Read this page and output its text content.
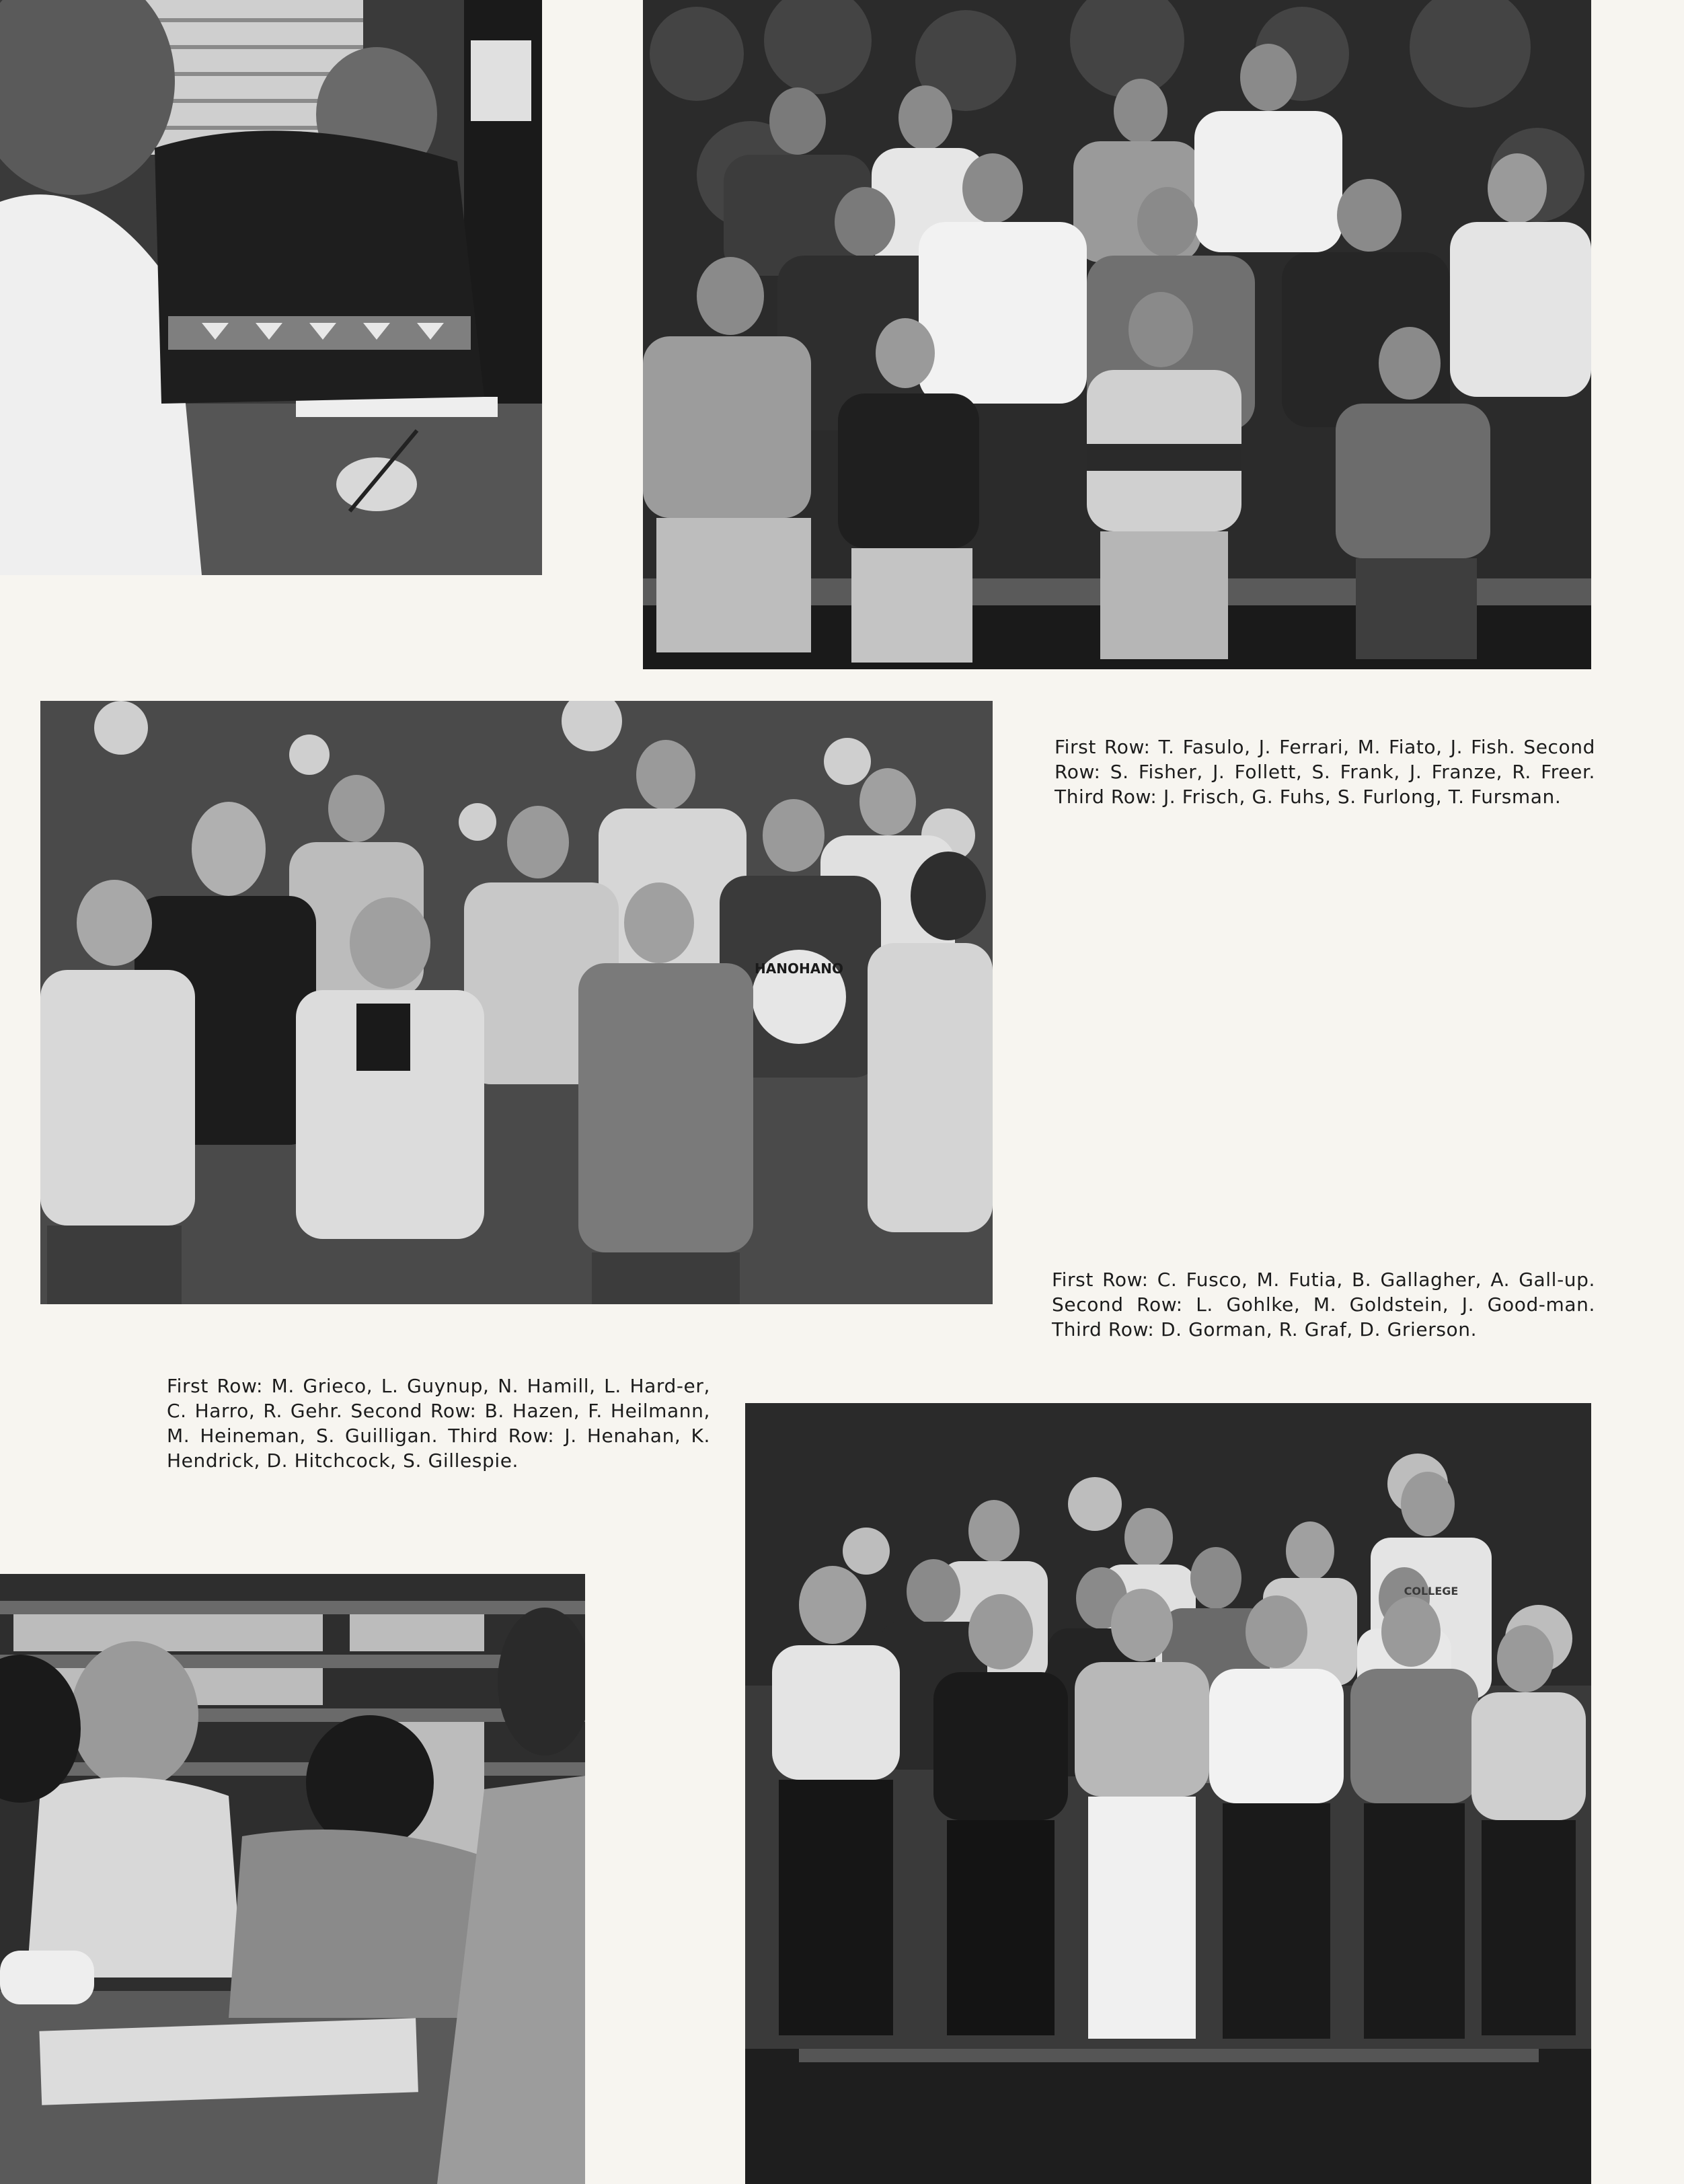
First Row: T. Fasulo, J. Ferrari, M. Fiato, J. Fish. Second Row: S. Fisher, J. Follett, S. Frank, J. Franze, R. Freer. Third Row: J. Frisch, G. Fuhs, S. Furlong, T. Fursman.

HANOHANO

First Row: C. Fusco, M. Futia, B. Gallagher, A. Gall-up. Second Row: L. Gohlke, M. Goldstein, J. Good-man. Third Row: D. Gorman, R. Graf, D. Grierson.

First Row: M. Grieco, L. Guynup, N. Hamill, L. Hard-er, C. Harro, R. Gehr. Second Row: B. Hazen, F. Heilmann, M. Heineman, S. Guilligan. Third Row: J. Henahan, K. Hendrick, D. Hitchcock, S. Gillespie.

COLLEGE
